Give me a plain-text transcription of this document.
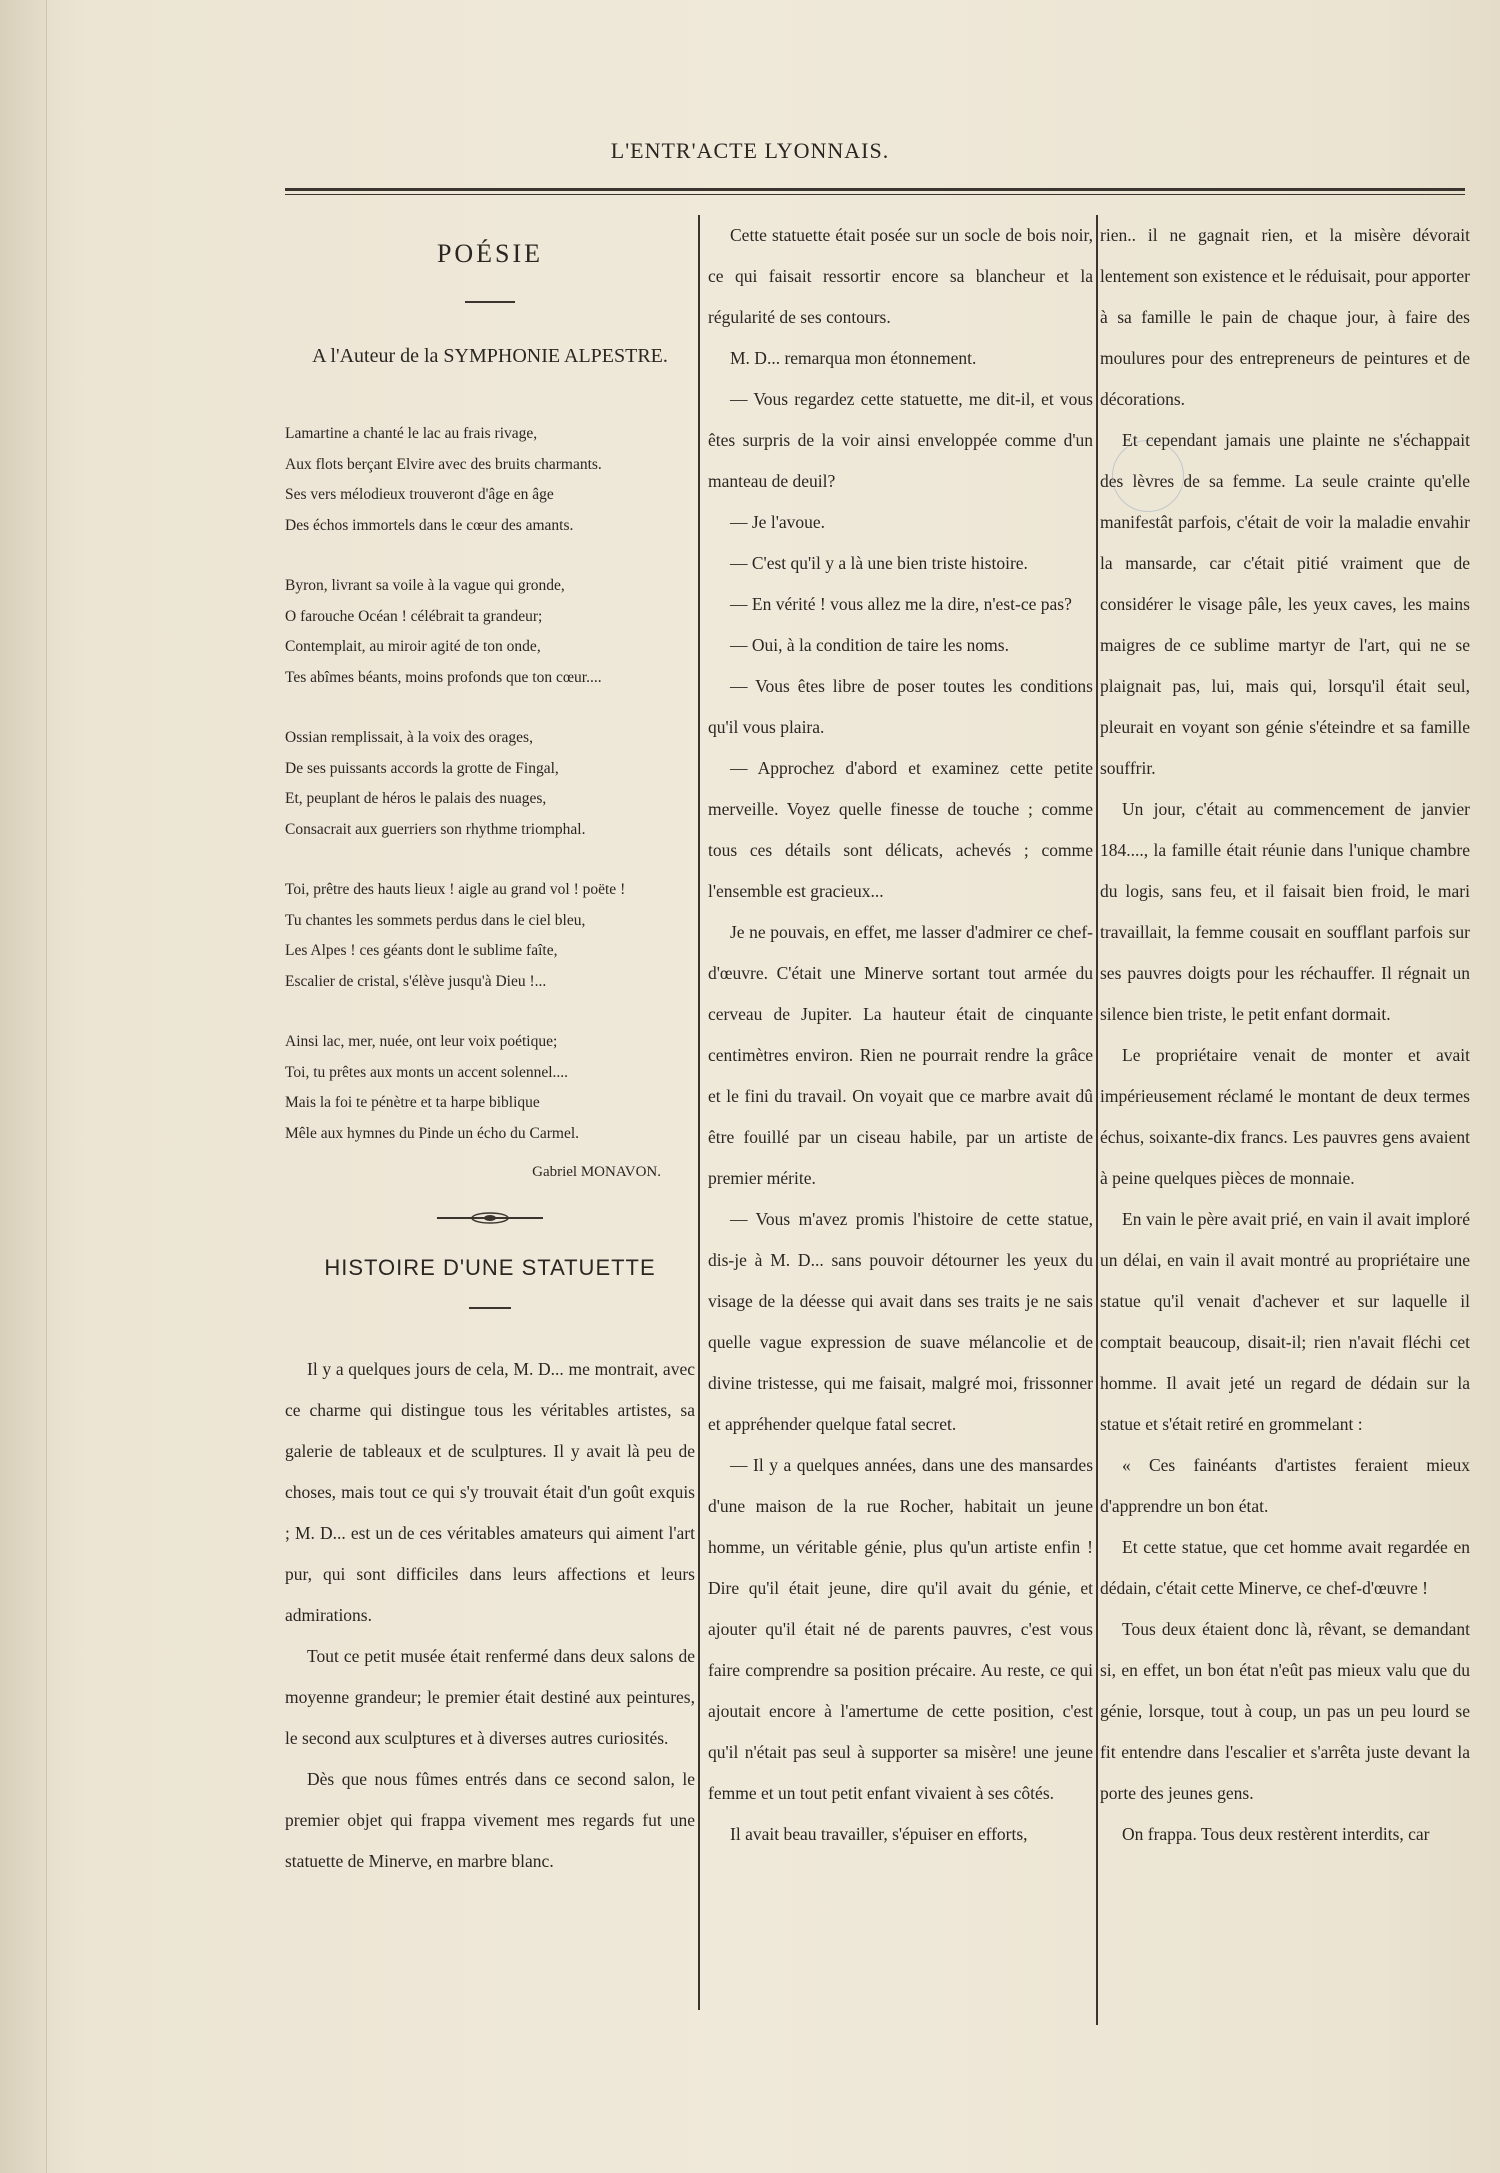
L'ENTR'ACTE LYONNAIS.
POÉSIE
A l'Auteur de la SYMPHONIE ALPESTRE.
Lamartine a chanté le lac au frais rivage,
Aux flots berçant Elvire avec des bruits charmants.
Ses vers mélodieux trouveront d'âge en âge
Des échos immortels dans le cœur des amants.
Byron, livrant sa voile à la vague qui gronde,
O farouche Océan ! célébrait ta grandeur;
Contemplait, au miroir agité de ton onde,
Tes abîmes béants, moins profonds que ton cœur....
Ossian remplissait, à la voix des orages,
De ses puissants accords la grotte de Fingal,
Et, peuplant de héros le palais des nuages,
Consacrait aux guerriers son rhythme triomphal.
Toi, prêtre des hauts lieux ! aigle au grand vol ! poëte !
Tu chantes les sommets perdus dans le ciel bleu,
Les Alpes ! ces géants dont le sublime faîte,
Escalier de cristal, s'élève jusqu'à Dieu !...
Ainsi lac, mer, nuée, ont leur voix poétique;
Toi, tu prêtes aux monts un accent solennel....
Mais la foi te pénètre et ta harpe biblique
Mêle aux hymnes du Pinde un écho du Carmel.
Gabriel MONAVON.
HISTOIRE D'UNE STATUETTE

Il y a quelques jours de cela, M. D... me montrait, avec ce charme qui distingue tous les véritables artistes, sa galerie de tableaux et de sculptures. Il y avait là peu de choses, mais tout ce qui s'y trouvait était d'un goût exquis ; M. D... est un de ces véritables amateurs qui aiment l'art pur, qui sont difficiles dans leurs affections et leurs admirations.

Tout ce petit musée était renfermé dans deux salons de moyenne grandeur; le premier était destiné aux peintures, le second aux sculptures et à diverses autres curiosités.

Dès que nous fûmes entrés dans ce second salon, le premier objet qui frappa vivement mes regards fut une statuette de Minerve, en marbre blanc.

Cette statuette était posée sur un socle de bois noir, ce qui faisait ressortir encore sa blancheur et la régularité de ses contours.

M. D... remarqua mon étonnement.

— Vous regardez cette statuette, me dit-il, et vous êtes surpris de la voir ainsi enveloppée comme d'un manteau de deuil?

— Je l'avoue.

— C'est qu'il y a là une bien triste histoire.

— En vérité ! vous allez me la dire, n'est-ce pas?

— Oui, à la condition de taire les noms.

— Vous êtes libre de poser toutes les conditions qu'il vous plaira.

— Approchez d'abord et examinez cette petite merveille. Voyez quelle finesse de touche ; comme tous ces détails sont délicats, achevés ; comme l'ensemble est gracieux...

Je ne pouvais, en effet, me lasser d'admirer ce chef-d'œuvre. C'était une Minerve sortant tout armée du cerveau de Jupiter. La hauteur était de cinquante centimètres environ. Rien ne pourrait rendre la grâce et le fini du travail. On voyait que ce marbre avait dû être fouillé par un ciseau habile, par un artiste de premier mérite.

— Vous m'avez promis l'histoire de cette statue, dis-je à M. D... sans pouvoir détourner les yeux du visage de la déesse qui avait dans ses traits je ne sais quelle vague expression de suave mélancolie et de divine tristesse, qui me faisait, malgré moi, frissonner et appréhender quelque fatal secret.

— Il y a quelques années, dans une des mansardes d'une maison de la rue Rocher, habitait un jeune homme, un véritable génie, plus qu'un artiste enfin ! Dire qu'il était jeune, dire qu'il avait du génie, et ajouter qu'il était né de parents pauvres, c'est vous faire comprendre sa position précaire. Au reste, ce qui ajoutait encore à l'amertume de cette position, c'est qu'il n'était pas seul à supporter sa misère! une jeune femme et un tout petit enfant vivaient à ses côtés.

Il avait beau travailler, s'épuiser en efforts,

rien.. il ne gagnait rien, et la misère dévorait lentement son existence et le réduisait, pour apporter à sa famille le pain de chaque jour, à faire des moulures pour des entrepreneurs de peintures et de décorations.

Et cependant jamais une plainte ne s'échappait des lèvres de sa femme. La seule crainte qu'elle manifestât parfois, c'était de voir la maladie envahir la mansarde, car c'était pitié vraiment que de considérer le visage pâle, les yeux caves, les mains maigres de ce sublime martyr de l'art, qui ne se plaignait pas, lui, mais qui, lorsqu'il était seul, pleurait en voyant son génie s'éteindre et sa famille souffrir.

Un jour, c'était au commencement de janvier 184...., la famille était réunie dans l'unique chambre du logis, sans feu, et il faisait bien froid, le mari travaillait, la femme cousait en soufflant parfois sur ses pauvres doigts pour les réchauffer. Il régnait un silence bien triste, le petit enfant dormait.

Le propriétaire venait de monter et avait impérieusement réclamé le montant de deux termes échus, soixante-dix francs. Les pauvres gens avaient à peine quelques pièces de monnaie.

En vain le père avait prié, en vain il avait imploré un délai, en vain il avait montré au propriétaire une statue qu'il venait d'achever et sur laquelle il comptait beaucoup, disait-il; rien n'avait fléchi cet homme. Il avait jeté un regard de dédain sur la statue et s'était retiré en grommelant :

« Ces fainéants d'artistes feraient mieux d'apprendre un bon état.

Et cette statue, que cet homme avait regardée en dédain, c'était cette Minerve, ce chef-d'œuvre !

Tous deux étaient donc là, rêvant, se demandant si, en effet, un bon état n'eût pas mieux valu que du génie, lorsque, tout à coup, un pas un peu lourd se fit entendre dans l'escalier et s'arrêta juste devant la porte des jeunes gens.

On frappa. Tous deux restèrent interdits, car
